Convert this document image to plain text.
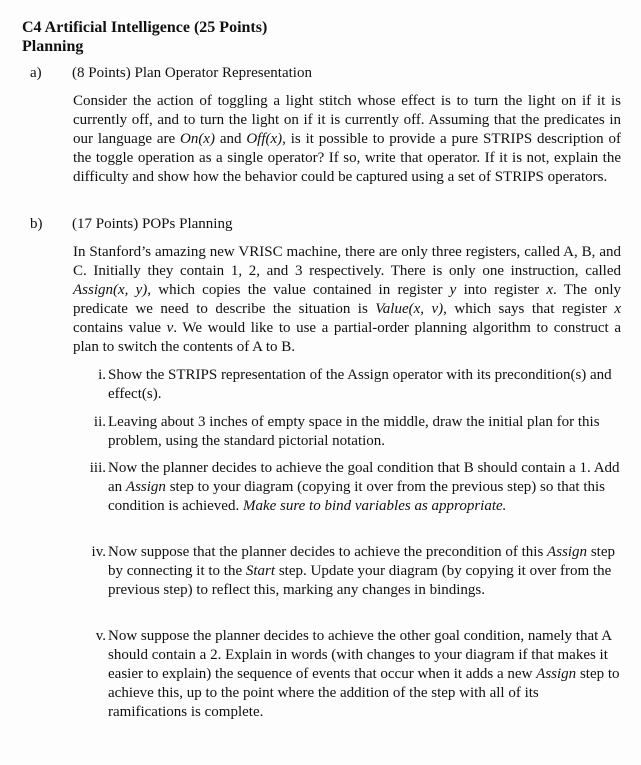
C4 Artificial Intelligence (25 Points)
Planning
a) (8 Points) Plan Operator Representation
Consider the action of toggling a light stitch whose effect is to turn the light on if it is currently off, and to turn the light on if it is currently off. Assuming that the predicates in our language are On(x) and Off(x), is it possible to provide a pure STRIPS description of the toggle operation as a single operator? If so, write that operator. If it is not, explain the difficulty and show how the behavior could be captured using a set of STRIPS operators.
b) (17 Points) POPs Planning
In Stanford’s amazing new VRISC machine, there are only three registers, called A, B, and C. Initially they contain 1, 2, and 3 respectively. There is only one instruction, called Assign(x, y), which copies the value contained in register y into register x. The only predicate we need to describe the situation is Value(x, v), which says that register x contains value v. We would like to use a partial-order planning algorithm to construct a plan to switch the contents of A to B.
i. Show the STRIPS representation of the Assign operator with its precondition(s) and effect(s).
ii. Leaving about 3 inches of empty space in the middle, draw the initial plan for this problem, using the standard pictorial notation.
iii. Now the planner decides to achieve the goal condition that B should contain a 1. Add an Assign step to your diagram (copying it over from the previous step) so that this condition is achieved. Make sure to bind variables as appropriate.
iv. Now suppose that the planner decides to achieve the precondition of this Assign step by connecting it to the Start step. Update your diagram (by copying it over from the previous step) to reflect this, marking any changes in bindings.
v. Now suppose the planner decides to achieve the other goal condition, namely that A should contain a 2. Explain in words (with changes to your diagram if that makes it easier to explain) the sequence of events that occur when it adds a new Assign step to achieve this, up to the point where the addition of the step with all of its ramifications is complete.
